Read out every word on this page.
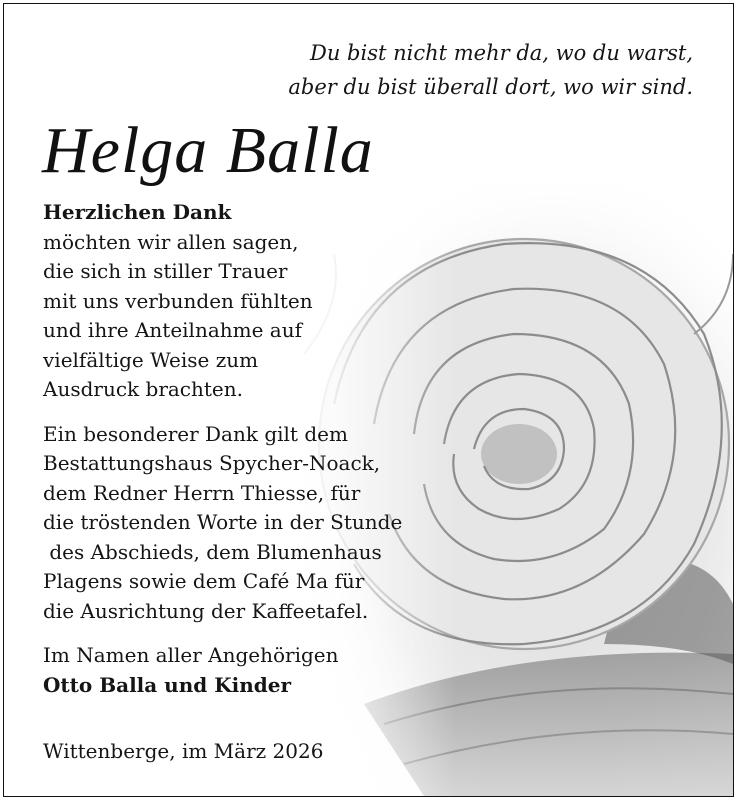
Du bist nicht mehr da, wo du warst,
aber du bist überall dort, wo wir sind.
Helga Balla
Herzlichen Dank
möchten wir allen sagen,
die sich in stiller Trauer
mit uns verbunden fühlten
und ihre Anteilnahme auf
vielfältige Weise zum
Ausdruck brachten.
Ein besonderer Dank gilt dem
Bestattungshaus Spycher-Noack,
dem Redner Herrn Thiesse, für
die tröstenden Worte in der Stunde
des Abschieds, dem Blumenhaus
Plagens sowie dem Café Ma für
die Ausrichtung der Kaffeetafel.
Im Namen aller Angehörigen
Otto Balla und Kinder
Wittenberge, im März 2026
